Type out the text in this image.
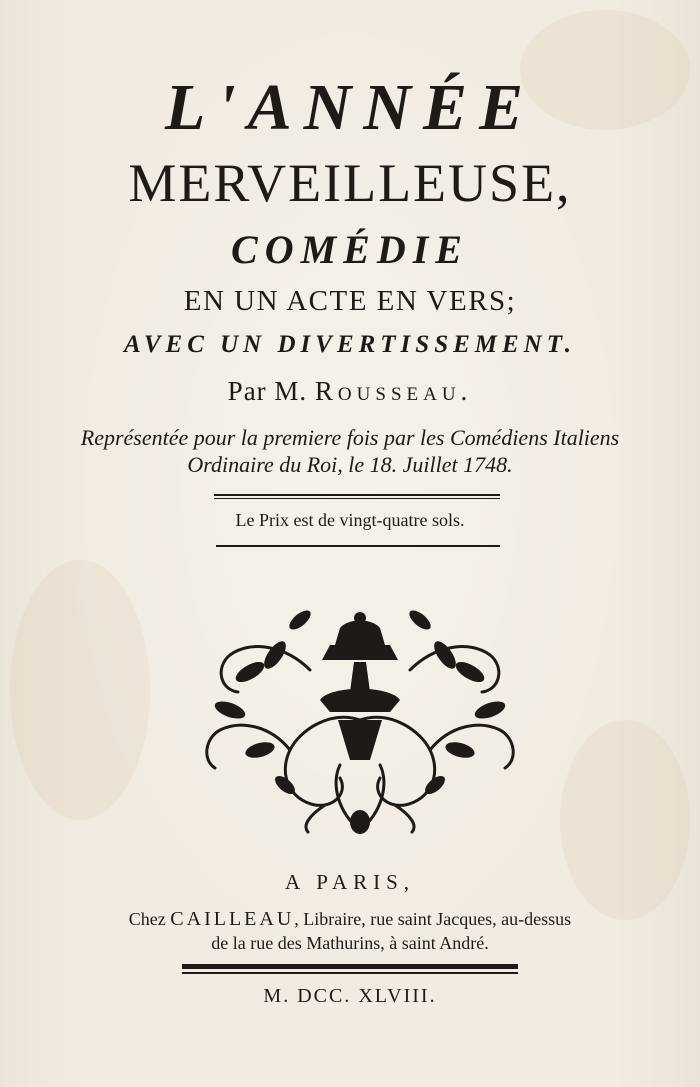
L'ANNÉE
MERVEILLEUSE,
COMÉDIE
EN UN ACTE EN VERS;
AVEC UN DIVERTISSEMENT.
Par M. Rousseau.
Représentée pour la premiere fois par les Comédiens Italiens
Ordinaire du Roi, le 18. Juillet 1748.
Le Prix est de vingt-quatre sols.
A PARIS,
Chez CAILLEAU, Libraire, rue saint Jacques, au-dessus
de la rue des Mathurins, à saint André.
M. DCC. XLVIII.
